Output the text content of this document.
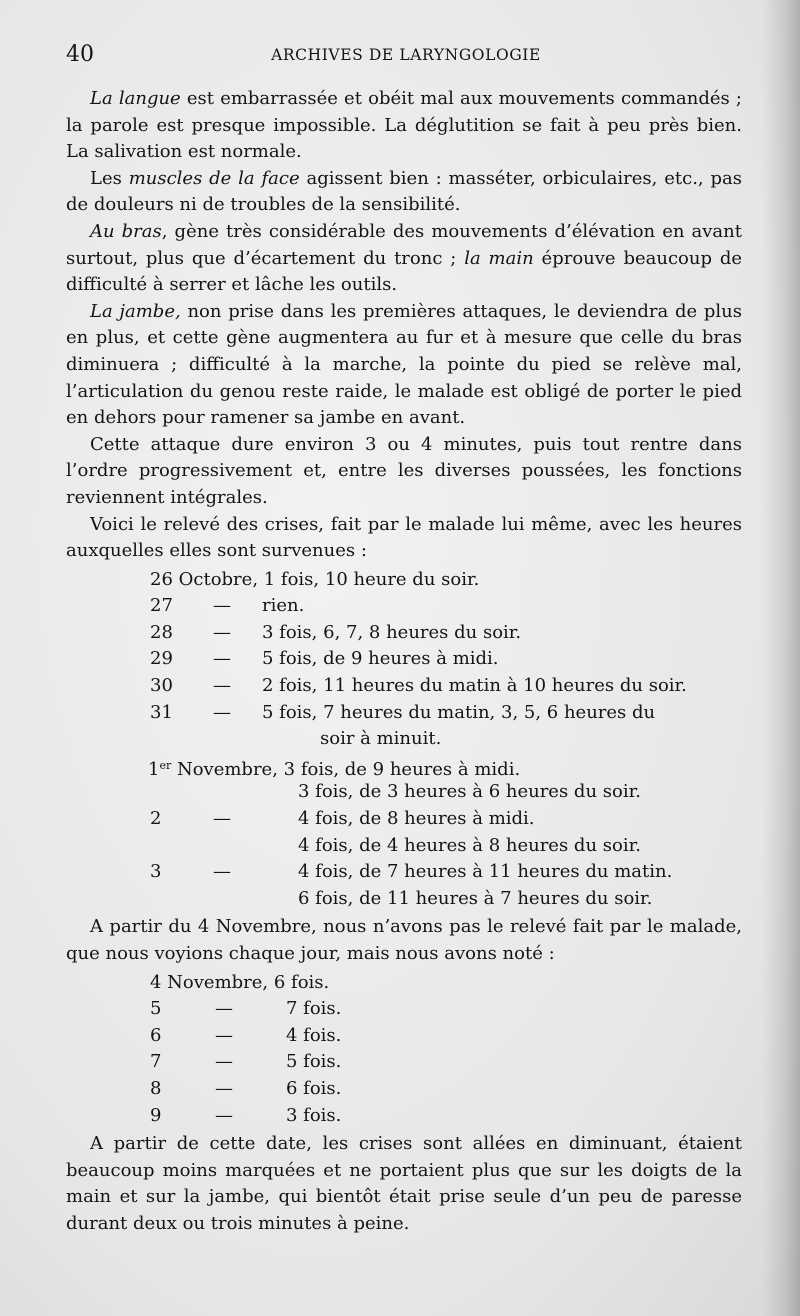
40	ARCHIVES DE LARYNGOLOGIE

La langue est embarrassée et obéit mal aux mouvements commandés ; la parole est presque impossible. La déglutition se fait à peu près bien. La salivation est normale.

Les muscles de la face agissent bien : masséter, orbiculaires, etc., pas de douleurs ni de troubles de la sensibilité.

Au bras, gène très considérable des mouvements d’élévation en avant surtout, plus que d’écartement du tronc ; la main éprouve beaucoup de difficulté à serrer et lâche les outils.

La jambe, non prise dans les premières attaques, le deviendra de plus en plus, et cette gène augmentera au fur et à mesure que celle du bras diminuera ; difficulté à la marche, la pointe du pied se relève mal, l’articulation du genou reste raide, le malade est obligé de porter le pied en dehors pour ramener sa jambe en avant.

Cette attaque dure environ 3 ou 4 minutes, puis tout rentre dans l’ordre progressivement et, entre les diverses poussées, les fonctions reviennent intégrales.

Voici le relevé des crises, fait par le malade lui même, avec les heures auxquelles elles sont survenues :

26 Octobre, 1 fois, 10 heure du soir.
27	—	rien.
28	—	3 fois, 6, 7, 8 heures du soir.
29	—	5 fois, de 9 heures à midi.
30	—	2 fois, 11 heures du matin à 10 heures du soir.
31	—	5 fois, 7 heures du matin, 3, 5, 6 heures du
soir à minuit.
1er Novembre, 3 fois, de 9 heures à midi.
3 fois, de 3 heures à 6 heures du soir.
2	—	4 fois, de 8 heures à midi.
4 fois, de 4 heures à 8 heures du soir.
3	—	4 fois, de 7 heures à 11 heures du matin.
6 fois, de 11 heures à 7 heures du soir.

A partir du 4 Novembre, nous n’avons pas le relevé fait par le malade, que nous voyions chaque jour, mais nous avons noté :

4 Novembre, 6 fois.
5	—	7 fois.
6	—	4 fois.
7	—	5 fois.
8	—	6 fois.
9	—	3 fois.

A partir de cette date, les crises sont allées en diminuant, étaient beaucoup moins marquées et ne portaient plus que sur les doigts de la main et sur la jambe, qui bientôt était prise seule d’un peu de paresse durant deux ou trois minutes à peine.
